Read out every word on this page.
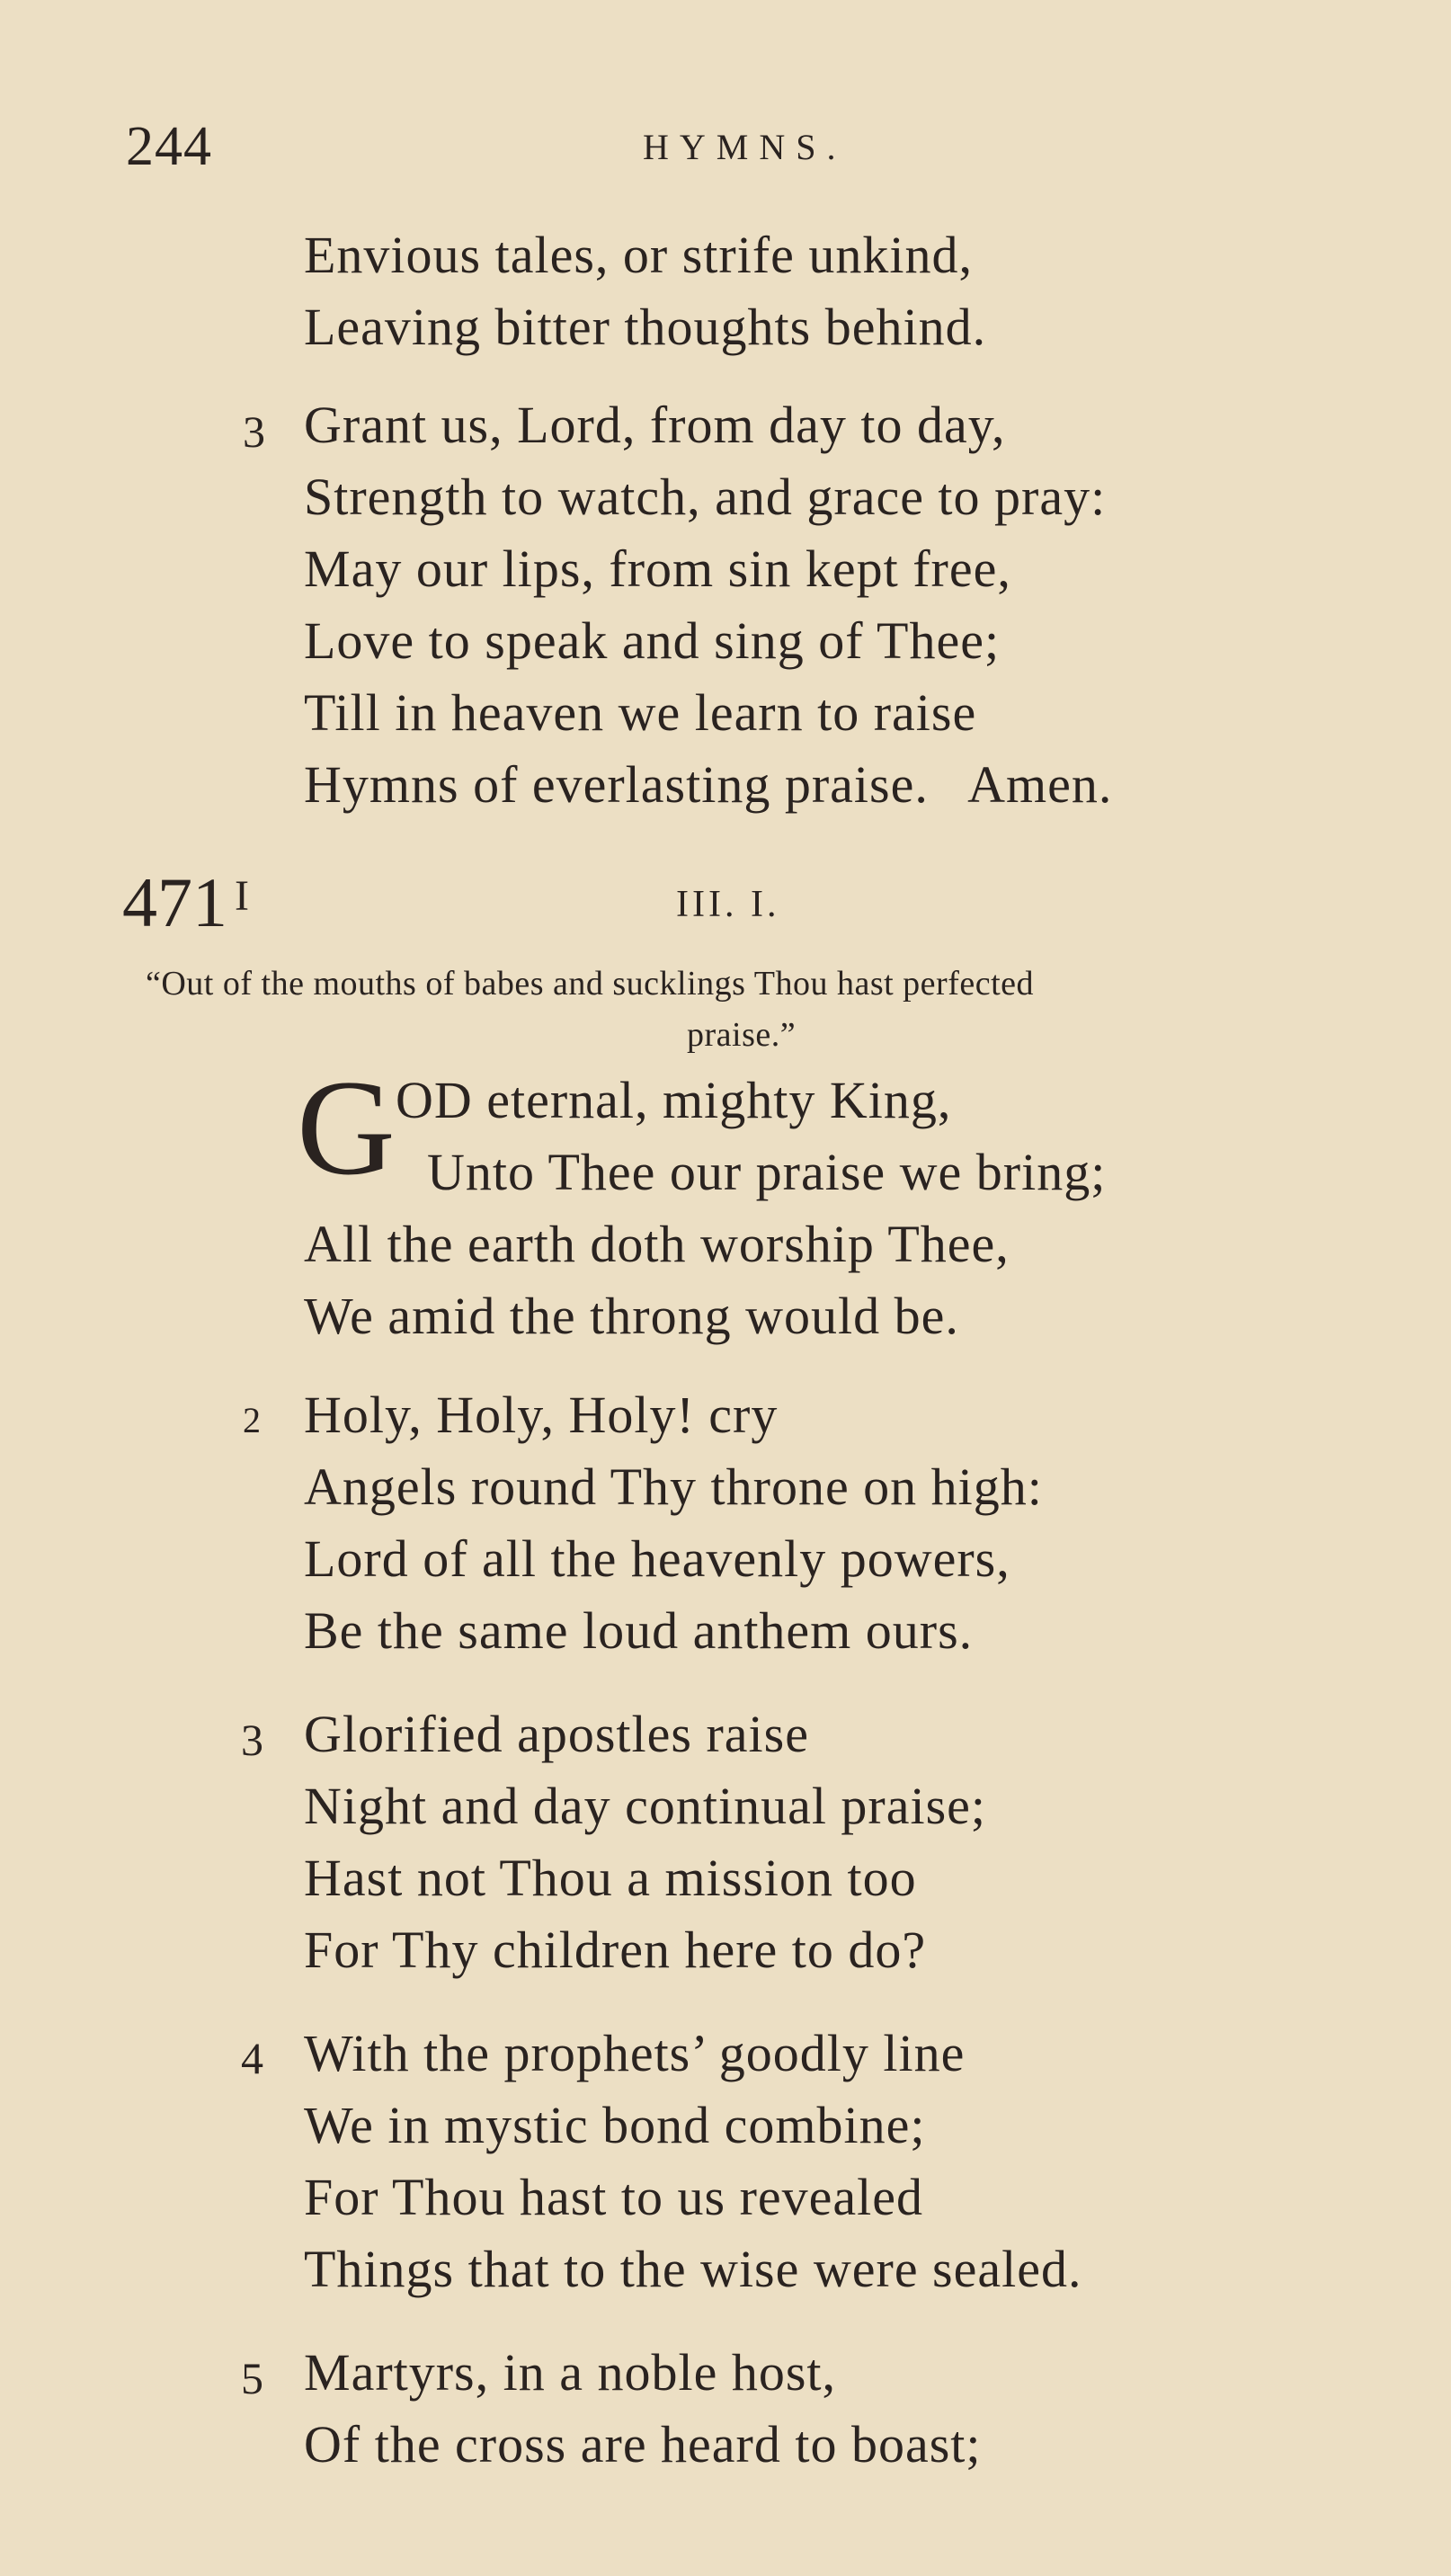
244	HYMNS.
Envious tales, or strife unkind,
Leaving bitter thoughts behind.
3 Grant us, Lord, from day to day,
Strength to watch, and grace to pray:
May our lips, from sin kept free,
Love to speak and sing of Thee;
Till in heaven we learn to raise
Hymns of everlasting praise.   Amen.
471 $^I$	III. I.
“Out of the mouths of babes and sucklings Thou hast perfected
praise.”
G OD eternal, mighty King,
Unto Thee our praise we bring;
All the earth doth worship Thee,
We amid the throng would be.
2 Holy, Holy, Holy! cry
Angels round Thy throne on high:
Lord of all the heavenly powers,
Be the same loud anthem ours.
3 Glorified apostles raise
Night and day continual praise;
Hast not Thou a mission too
For Thy children here to do?
4 With the prophets’ goodly line
We in mystic bond combine;
For Thou hast to us revealed
Things that to the wise were sealed.
5 Martyrs, in a noble host,
Of the cross are heard to boast;
